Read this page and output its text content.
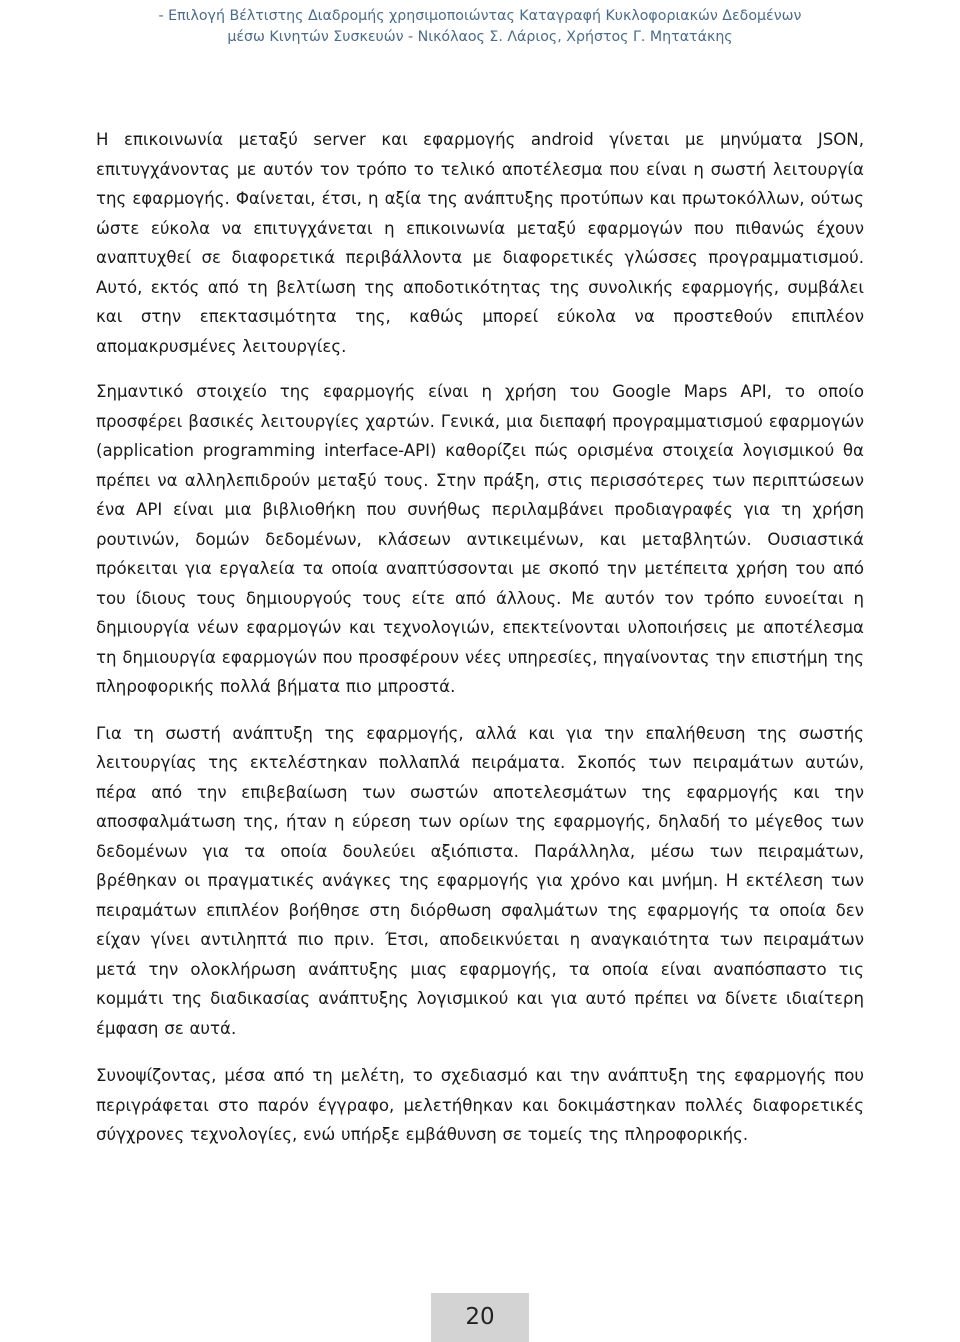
- Επιλογή Βέλτιστης Διαδρομής χρησιμοποιώντας Καταγραφή Κυκλοφοριακών Δεδομένων
μέσω Κινητών Συσκευών - Νικόλαος Σ. Λάριος, Χρήστος Γ. Μητατάκης

Η επικοινωνία μεταξύ server και εφαρμογής android γίνεται με μηνύματα JSON, επιτυγχάνοντας με αυτόν τον τρόπο το τελικό αποτέλεσμα που είναι η σωστή λειτουργία της εφαρμογής. Φαίνεται, έτσι, η αξία της ανάπτυξης προτύπων και πρωτοκόλλων, ούτως ώστε εύκολα να επιτυγχάνεται η επικοινωνία μεταξύ εφαρμογών που πιθανώς έχουν αναπτυχθεί σε διαφορετικά περιβάλλοντα με διαφορετικές γλώσσες προγραμματισμού. Αυτό, εκτός από τη βελτίωση της αποδοτικότητας της συνολικής εφαρμογής, συμβάλει και στην επεκτασιμότητα της, καθώς μπορεί εύκολα να προστεθούν επιπλέον απομακρυσμένες λειτουργίες.

Σημαντικό στοιχείο της εφαρμογής είναι η χρήση του Google Maps API, το οποίο προσφέρει βασικές λειτουργίες χαρτών. Γενικά, μια διεπαφή προγραμματισμού εφαρμογών (application programming interface-API) καθορίζει πώς ορισμένα στοιχεία λογισμικού θα πρέπει να αλληλεπιδρούν μεταξύ τους. Στην πράξη, στις περισσότερες των περιπτώσεων ένα API είναι μια βιβλιοθήκη που συνήθως περιλαμβάνει προδιαγραφές για τη χρήση ρουτινών, δομών δεδομένων, κλάσεων αντικειμένων, και μεταβλητών. Ουσιαστικά πρόκειται για εργαλεία τα οποία αναπτύσσονται με σκοπό την μετέπειτα χρήση του από του ίδιους τους δημιουργούς τους είτε από άλλους. Με αυτόν τον τρόπο ευνοείται η δημιουργία νέων εφαρμογών και τεχνολογιών, επεκτείνονται υλοποιήσεις με αποτέλεσμα τη δημιουργία εφαρμογών που προσφέρουν νέες υπηρεσίες, πηγαίνοντας την επιστήμη της πληροφορικής πολλά βήματα πιο μπροστά.

Για τη σωστή ανάπτυξη της εφαρμογής, αλλά και για την επαλήθευση της σωστής λειτουργίας της εκτελέστηκαν πολλαπλά πειράματα. Σκοπός των πειραμάτων αυτών, πέρα από την επιβεβαίωση των σωστών αποτελεσμάτων της εφαρμογής και την αποσφαλμάτωση της, ήταν η εύρεση των ορίων της εφαρμογής, δηλαδή το μέγεθος των δεδομένων για τα οποία δουλεύει αξιόπιστα. Παράλληλα, μέσω των πειραμάτων, βρέθηκαν οι πραγματικές ανάγκες της εφαρμογής για χρόνο και μνήμη. Η εκτέλεση των πειραμάτων επιπλέον βοήθησε στη διόρθωση σφαλμάτων της εφαρμογής τα οποία δεν είχαν γίνει αντιληπτά πιο πριν. Έτσι, αποδεικνύεται η αναγκαιότητα των πειραμάτων μετά την ολοκλήρωση ανάπτυξης μιας εφαρμογής, τα οποία είναι αναπόσπαστο τις κομμάτι της διαδικασίας ανάπτυξης λογισμικού και για αυτό πρέπει να δίνετε ιδιαίτερη έμφαση σε αυτά.

Συνοψίζοντας, μέσα από τη μελέτη, το σχεδιασμό και την ανάπτυξη της εφαρμογής που περιγράφεται στο παρόν έγγραφο, μελετήθηκαν και δοκιμάστηκαν πολλές διαφορετικές σύγχρονες τεχνολογίες, ενώ υπήρξε εμβάθυνση σε τομείς της πληροφορικής.

20
